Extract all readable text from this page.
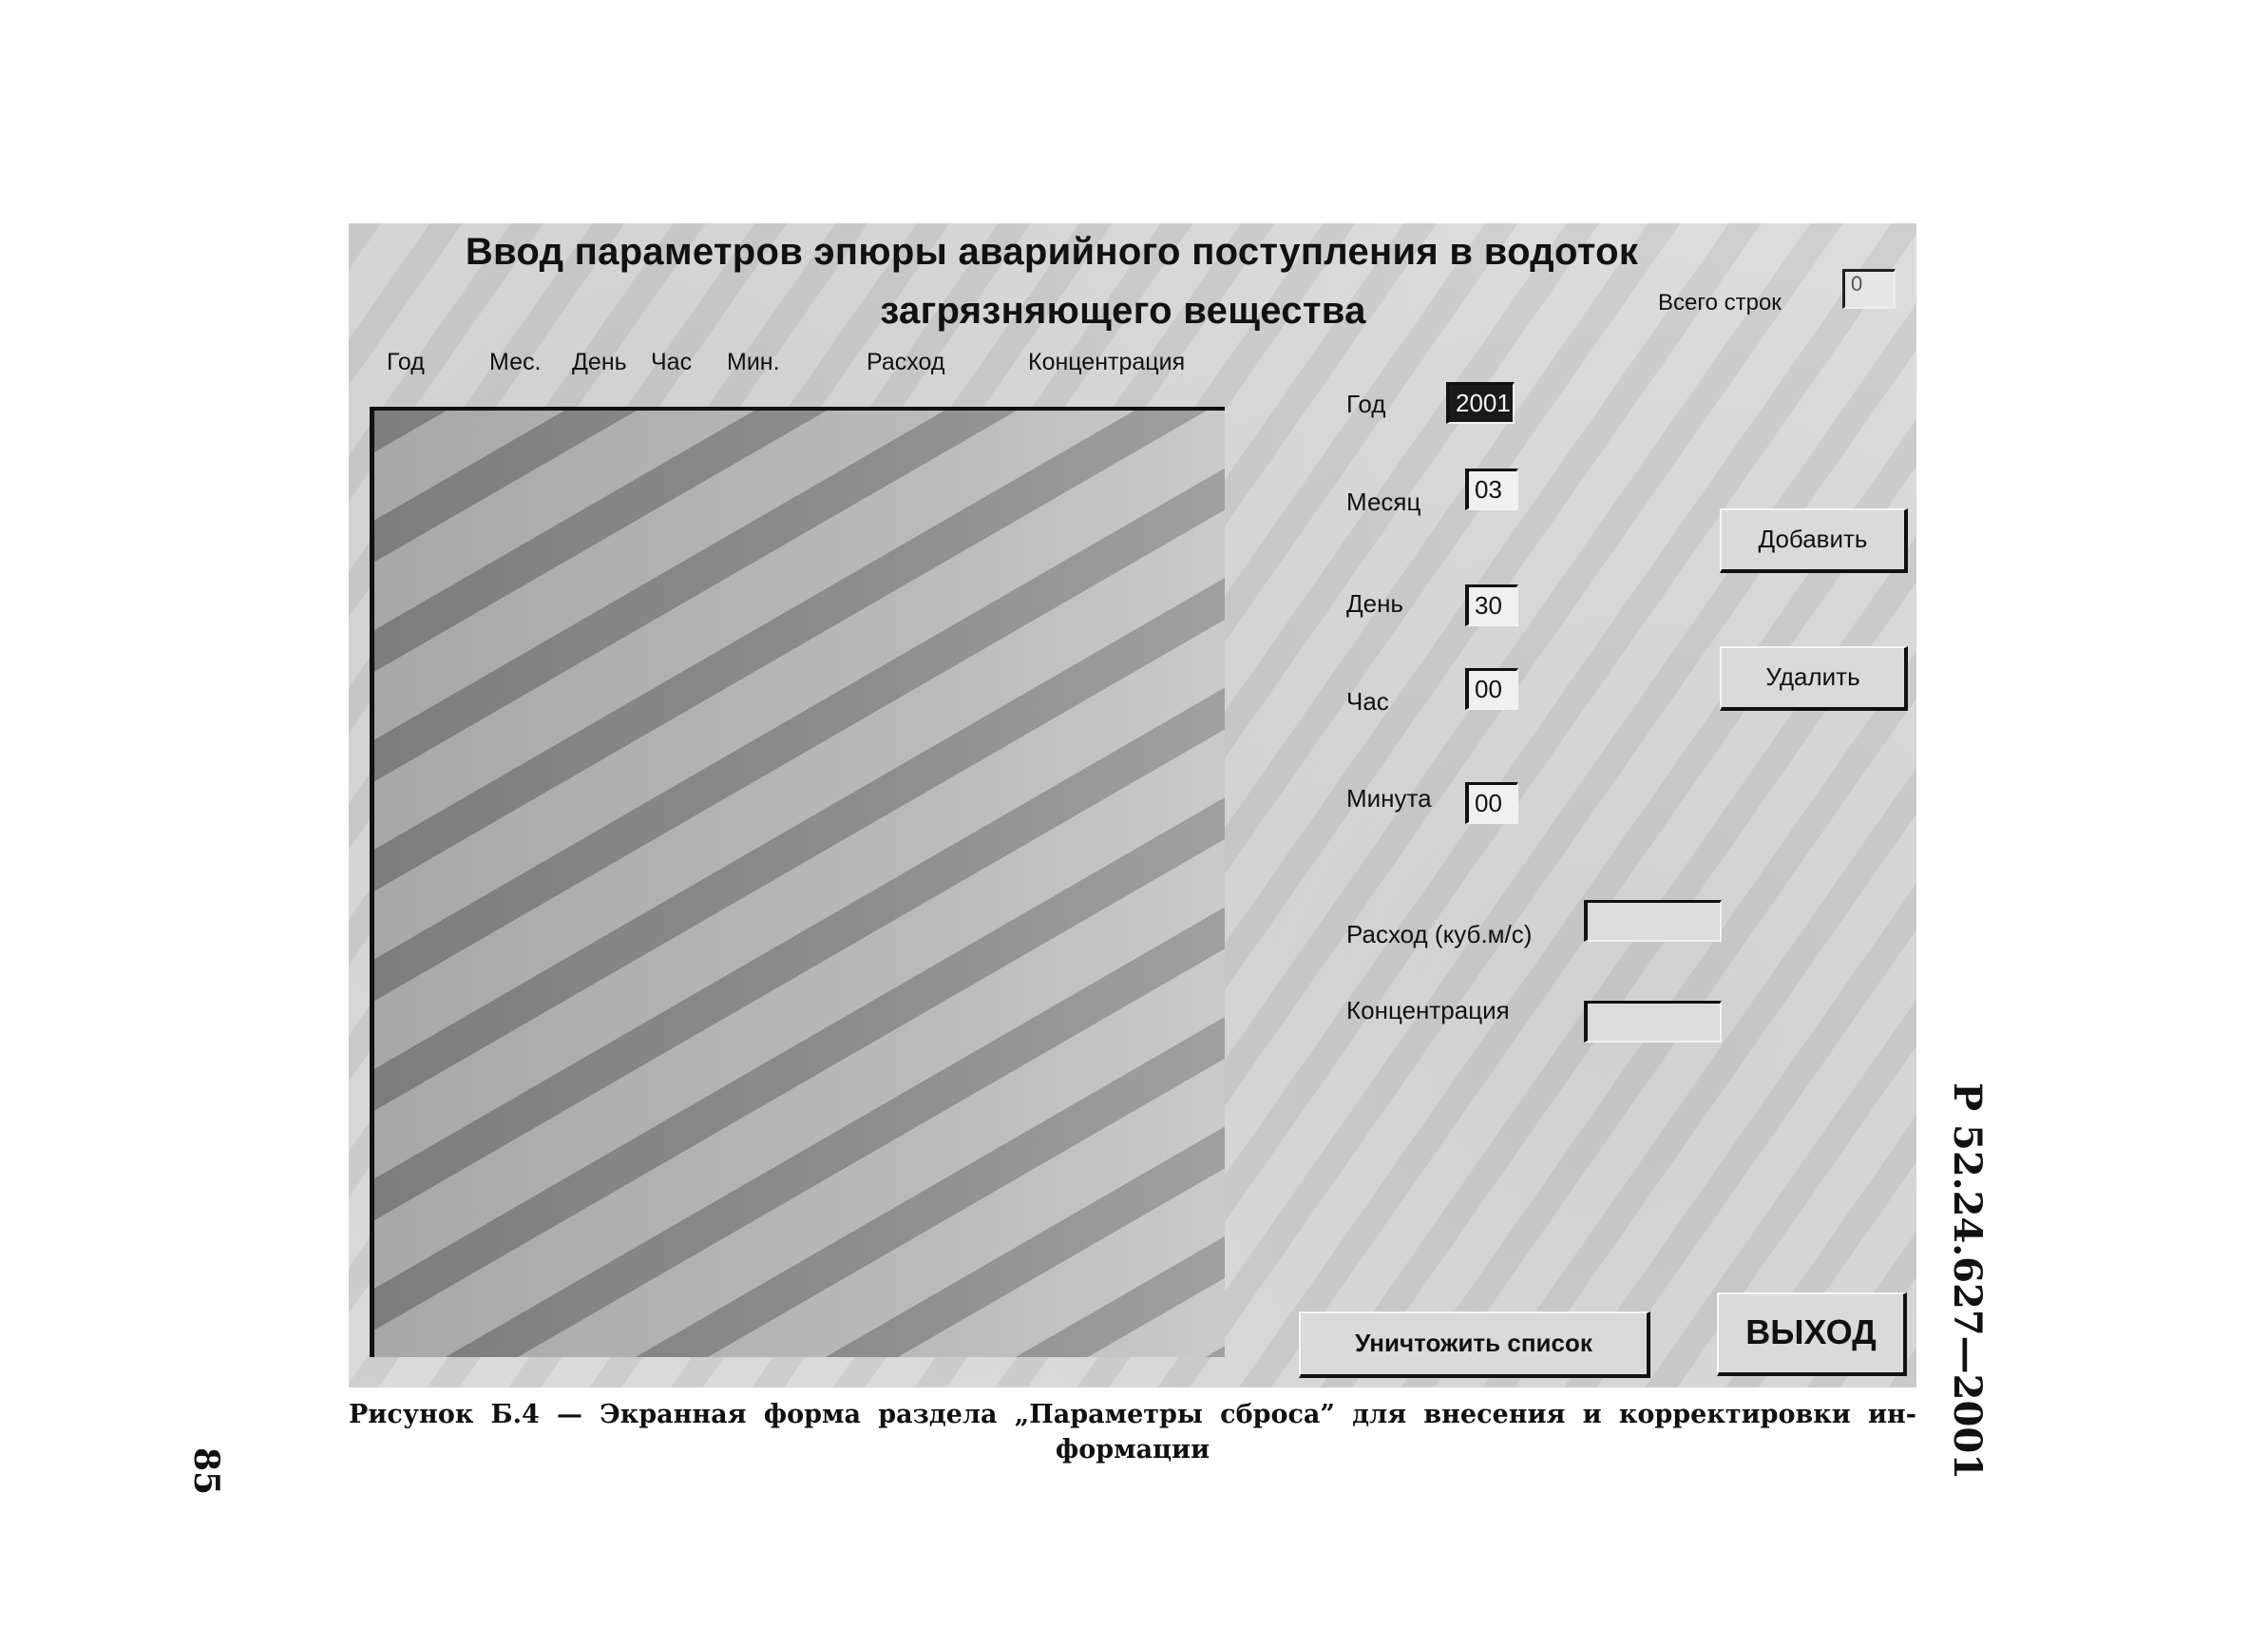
Ввод параметров эпюры аварийного поступления в водоток
загрязняющего вещества	Всего строк
0
Год	Мес. День Час Мин.	Расход	Концентрация
Год	2001
Месяц	03
День	30
Час	00
Минута	00
Расход (куб.м/с)
Концентрация
Добавить
Удалить
Уничтожить список	ВЫХОД
Рисунок Б.4 — Экранная форма раздела „Параметры сброса” для внесения и корректировки ин-
формации
85	Р 52.24.627—2001
